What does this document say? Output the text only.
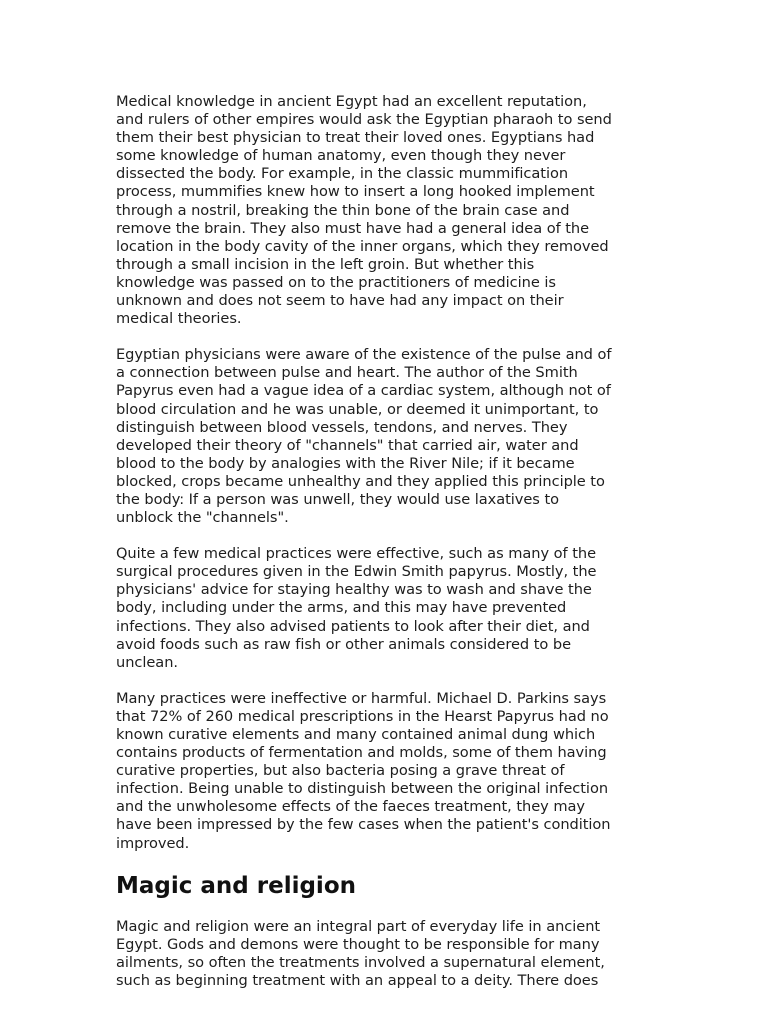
Medical knowledge in ancient Egypt had an excellent reputation,
and rulers of other empires would ask the Egyptian pharaoh to send
them their best physician to treat their loved ones. Egyptians had
some knowledge of human anatomy, even though they never
dissected the body. For example, in the classic mummification
process, mummifies knew how to insert a long hooked implement
through a nostril, breaking the thin bone of the brain case and
remove the brain. They also must have had a general idea of the
location in the body cavity of the inner organs, which they removed
through a small incision in the left groin. But whether this
knowledge was passed on to the practitioners of medicine is
unknown and does not seem to have had any impact on their
medical theories.

Egyptian physicians were aware of the existence of the pulse and of
a connection between pulse and heart. The author of the Smith
Papyrus even had a vague idea of a cardiac system, although not of
blood circulation and he was unable, or deemed it unimportant, to
distinguish between blood vessels, tendons, and nerves. They
developed their theory of "channels" that carried air, water and
blood to the body by analogies with the River Nile; if it became
blocked, crops became unhealthy and they applied this principle to
the body: If a person was unwell, they would use laxatives to
unblock the "channels".

Quite a few medical practices were effective, such as many of the
surgical procedures given in the Edwin Smith papyrus. Mostly, the
physicians' advice for staying healthy was to wash and shave the
body, including under the arms, and this may have prevented
infections. They also advised patients to look after their diet, and
avoid foods such as raw fish or other animals considered to be
unclean.

Many practices were ineffective or harmful. Michael D. Parkins says
that 72% of 260 medical prescriptions in the Hearst Papyrus had no
known curative elements and many contained animal dung which
contains products of fermentation and molds, some of them having
curative properties, but also bacteria posing a grave threat of
infection. Being unable to distinguish between the original infection
and the unwholesome effects of the faeces treatment, they may
have been impressed by the few cases when the patient's condition
improved.

Magic and religion

Magic and religion were an integral part of everyday life in ancient
Egypt. Gods and demons were thought to be responsible for many
ailments, so often the treatments involved a supernatural element,
such as beginning treatment with an appeal to a deity. There does
